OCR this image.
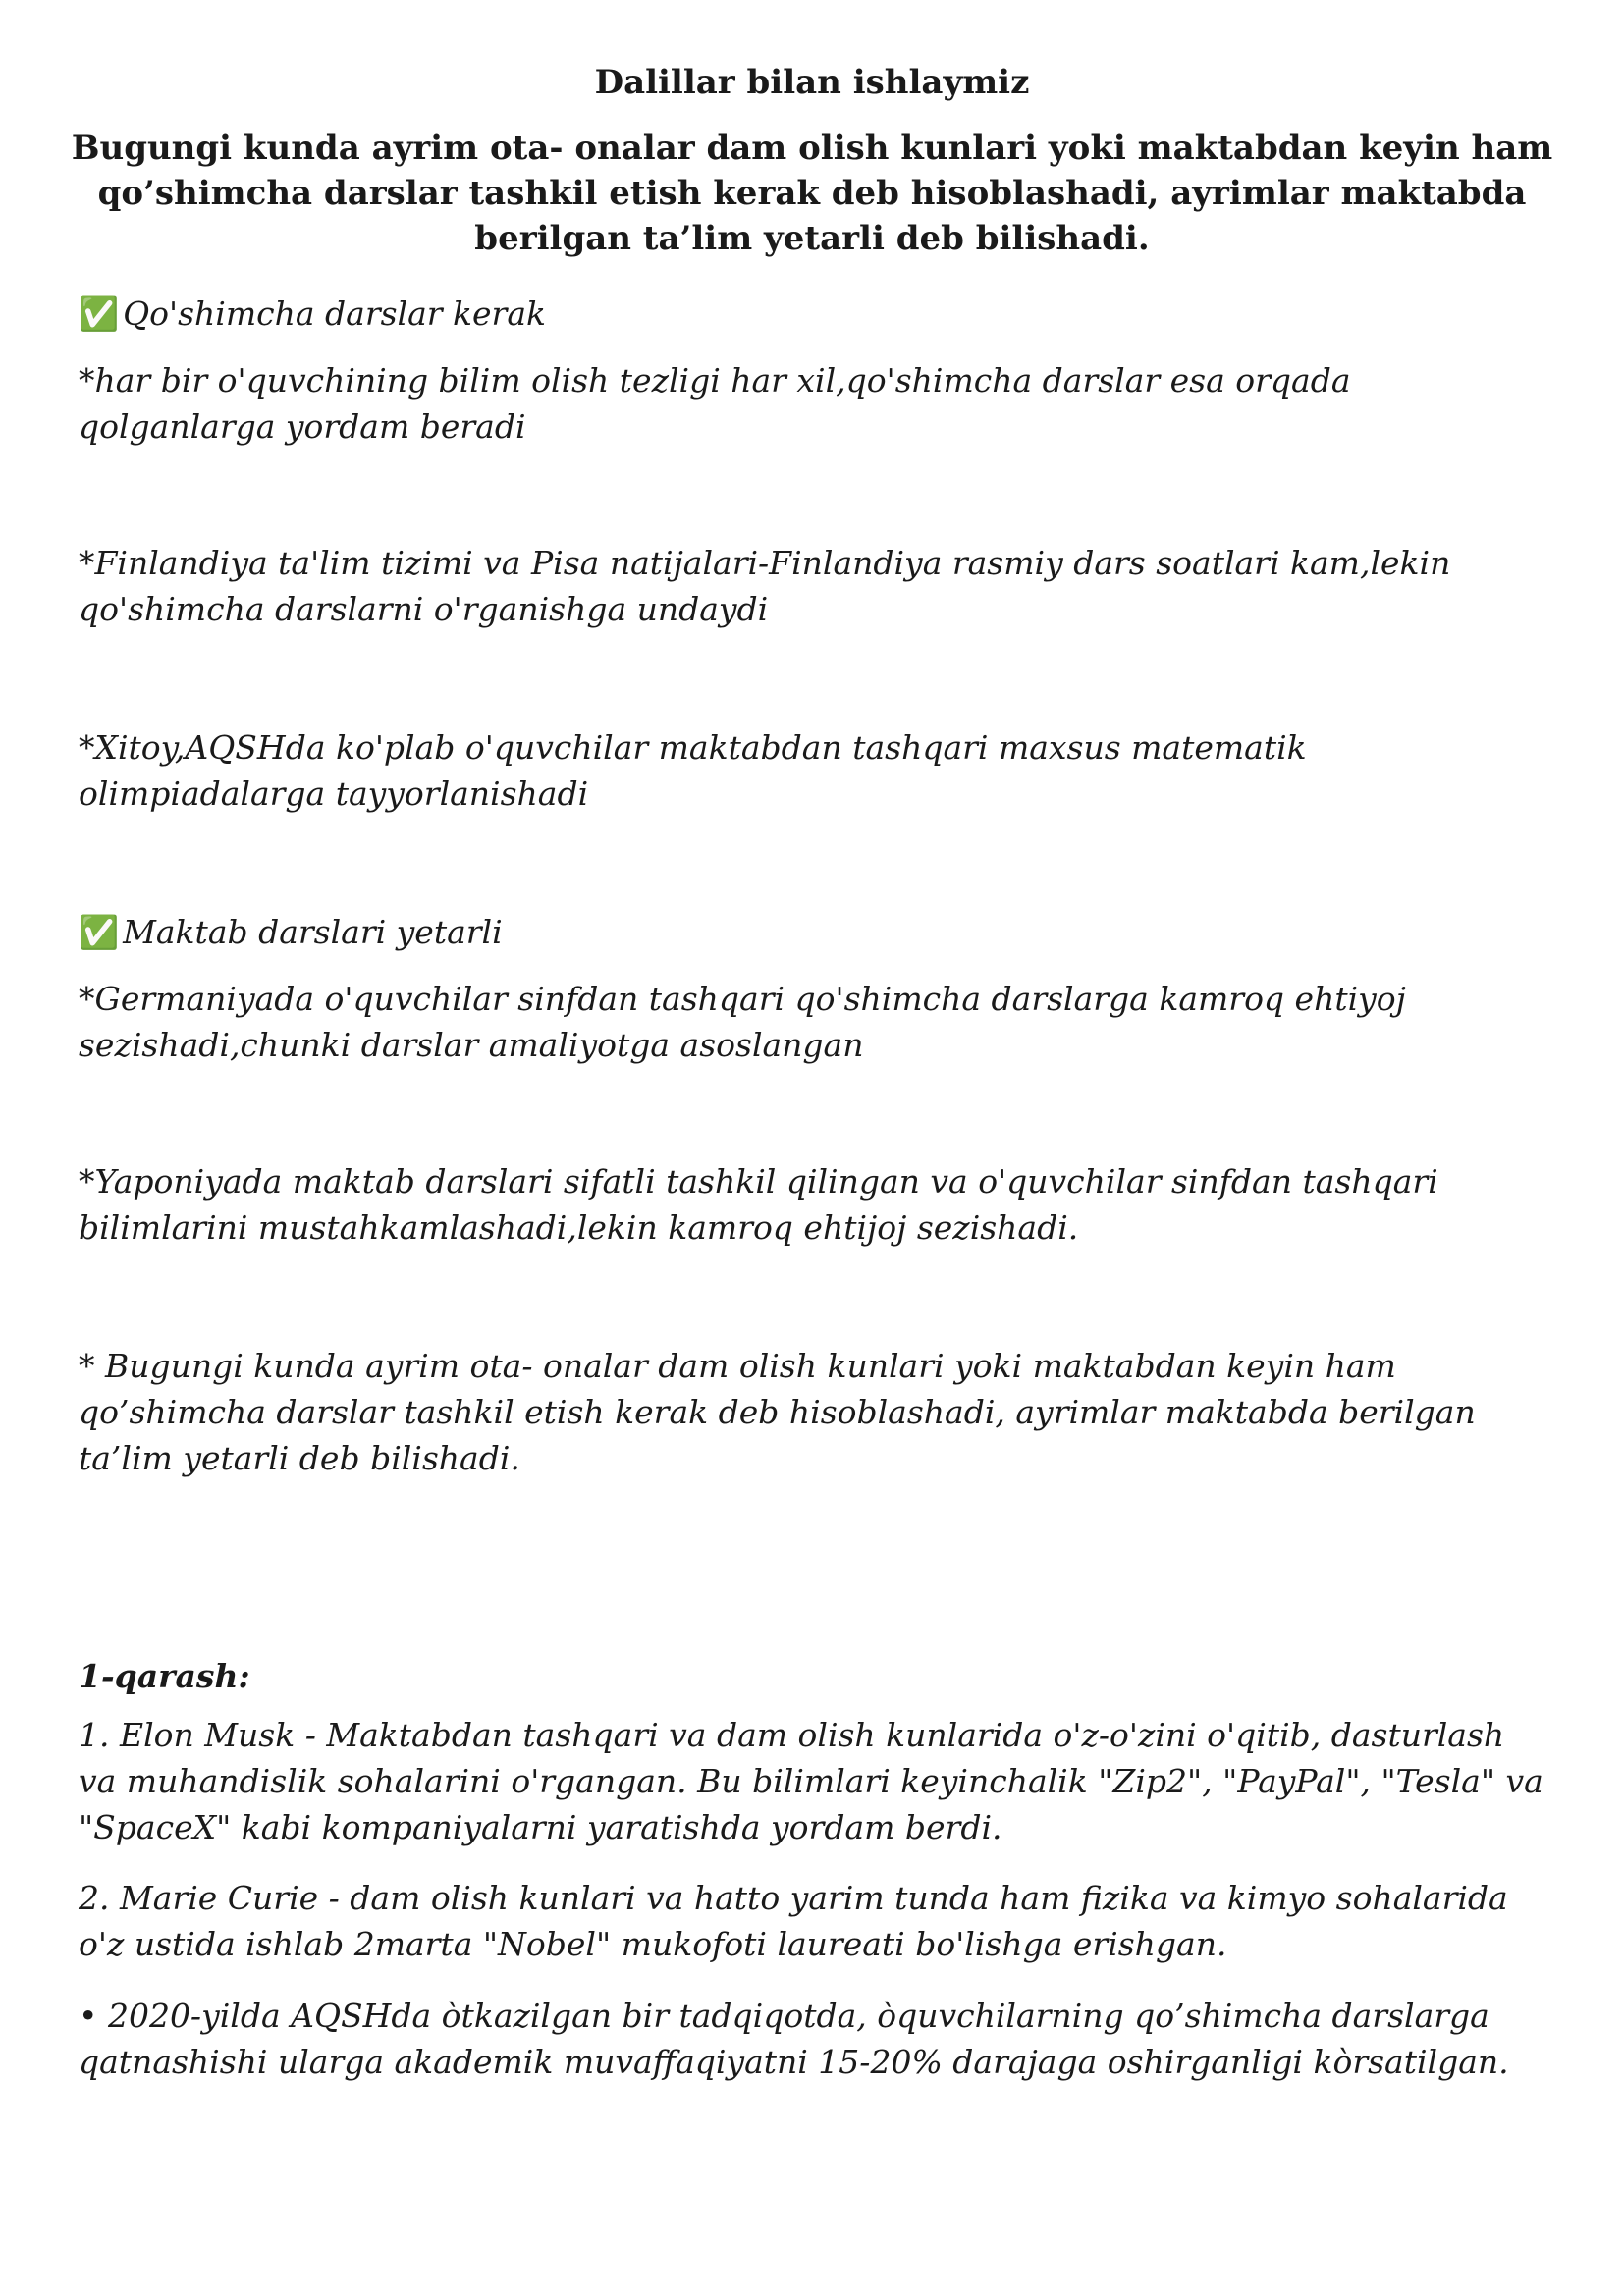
Dalillar bilan ishlaymiz
Bugungi kunda ayrim ota- onalar dam olish kunlari yoki maktabdan keyin ham qo’shimcha darslar tashkil etish kerak deb hisoblashadi, ayrimlar maktabda berilgan ta’lim yetarli deb bilishadi.
✅ Qo'shimcha darslar kerak
*har bir o'quvchining bilim olish tezligi har xil,qo'shimcha darslar esa orqada qolganlarga yordam beradi
*Finlandiya ta'lim tizimi va Pisa natijalari-Finlandiya rasmiy dars soatlari kam,lekin qo'shimcha darslarni o'rganishga undaydi
*Xitoy,AQSHda ko'plab o'quvchilar maktabdan tashqari maxsus matematik olimpiadalarga tayyorlanishadi
✅ Maktab darslari yetarli
*Germaniyada o'quvchilar sinfdan tashqari qo'shimcha darslarga kamroq ehtiyoj sezishadi,chunki darslar amaliyotga asoslangan
*Yaponiyada maktab darslari sifatli tashkil qilingan va o'quvchilar sinfdan tashqari bilimlarini mustahkamlashadi,lekin kamroq ehtijoj sezishadi.
* Bugungi kunda ayrim ota- onalar dam olish kunlari yoki maktabdan keyin ham qo’shimcha darslar tashkil etish kerak deb hisoblashadi, ayrimlar maktabda berilgan ta’lim yetarli deb bilishadi.
1-qarash:
1. Elon Musk - Maktabdan tashqari va dam olish kunlarida o'z-o'zini o'qitib, dasturlash va muhandislik sohalarini o'rgangan. Bu bilimlari keyinchalik "Zip2", "PayPal", "Tesla" va "SpaceX" kabi kompaniyalarni yaratishda yordam berdi.
2. Marie Curie - dam olish kunlari va hatto yarim tunda ham fizika va kimyo sohalarida o'z ustida ishlab 2marta "Nobel" mukofoti laureati bo'lishga erishgan.
• 2020-yilda AQSHda òtkazilgan bir tadqiqotda, òquvchilarning qo’shimcha darslarga qatnashishi ularga akademik muvaffaqiyatni 15-20% darajaga oshirganligi kòrsatilgan.
